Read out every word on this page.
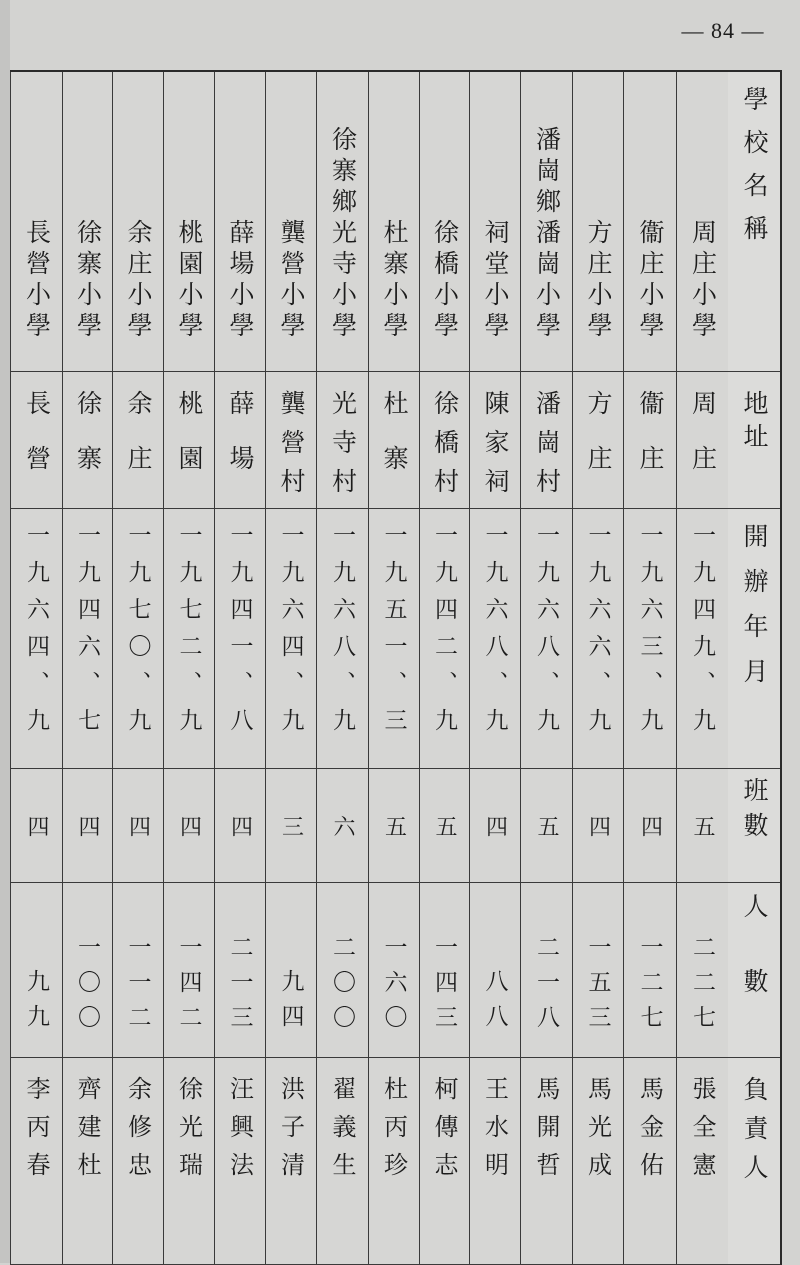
— 84 —
學校名稱
地址
開辦年月
班數
人數
負責人
周庄小學
周庄
一九四九、九
五
二二七
張全憲
衞庄小學
衞庄
一九六三、九
四
一二七
馬金佑
方庄小學
方庄
一九六六、九
四
一五三
馬光成
潘崗鄉潘崗小學
潘崗村
一九六八、九
五
二一八
馬開哲
祠堂小學
陳家祠
一九六八、九
四
八八
王水明
徐橋小學
徐橋村
一九四二、九
五
一四三
柯傳志
杜寨小學
杜寨
一九五一、三
五
一六〇
杜丙珍
徐寨鄉光寺小學
光寺村
一九六八、九
六
二〇〇
翟義生
龔營小學
龔營村
一九六四、九
三
九四
洪子清
薛場小學
薛場
一九四一、八
四
二一三
汪興法
桃園小學
桃園
一九七二、九
四
一四二
徐光瑞
余庄小學
余庄
一九七〇、九
四
一一二
余修忠
徐寨小學
徐寨
一九四六、七
四
一〇〇
齊建杜
長營小學
長營
一九六四、九
四
九九
李丙春
